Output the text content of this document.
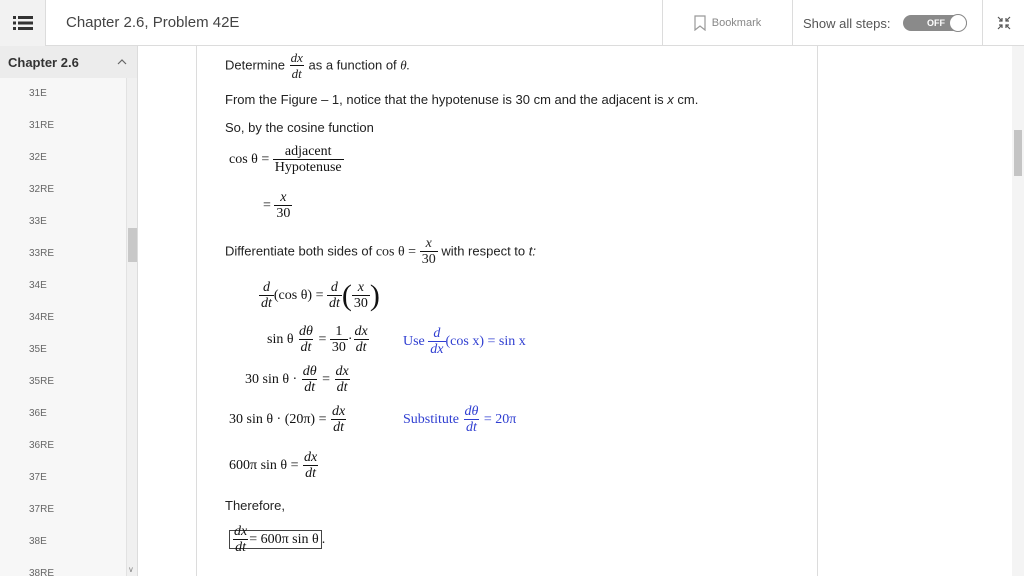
Chapter 2.6, Problem 42E	Bookmark	Show all steps:	OFF
Chapter 2.6
31E
31RE
32E
32RE
33E
33RE
34E
34RE
35E
35RE
36E
36RE
37E
37RE
38E
38RE	∨
Determine $\frac{dx}{dt}$ as a function of θ.
From the Figure – 1, notice that the hypotenuse is 30 cm and the adjacent is x cm.
So, by the cosine function
$\cos \theta = \frac{\text{adjacent}}{\text{Hypotenuse}}$
= $\frac{x}{30}$
Differentiate both sides of $\cos \theta = \frac{x}{30}$ with respect to t:
$\frac{d}{dt} (\cos$ $\theta) = \frac{d}{dt}$ ( $\frac{x}{30}$ )
sin θ $\frac{d\theta}{dt} = \frac{1}{30} \cdot \frac{dx}{dt}$ Use $\frac{d}{dx} (\cos$ x) = sin x
30 $\sin \theta \cdot \frac{d\theta}{dt} = \frac{dx}{dt}$
30 $\sin \theta \cdot (20\pi) = \frac{dx}{dt}$	Substitute $\frac{d\theta}{dt} = 20\pi$
600π $\sin \theta = \frac{dx}{dt}$
Therefore,
$\frac{dx}{dt} = 600\pi$ sin θ .
